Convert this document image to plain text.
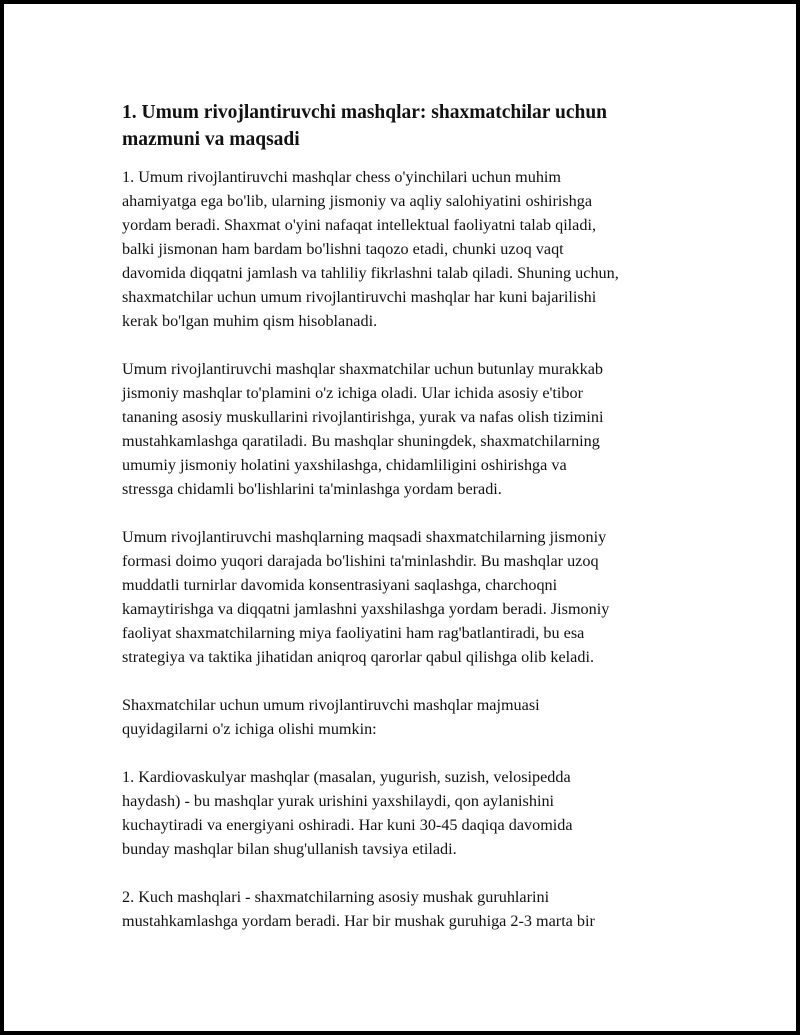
1. Umum rivojlantiruvchi mashqlar: shaxmatchilar uchun
mazmuni va maqsadi

1. Umum rivojlantiruvchi mashqlar chess o'yinchilari uchun muhim
ahamiyatga ega bo'lib, ularning jismoniy va aqliy salohiyatini oshirishga
yordam beradi. Shaxmat o'yini nafaqat intellektual faoliyatni talab qiladi,
balki jismonan ham bardam bo'lishni taqozo etadi, chunki uzoq vaqt
davomida diqqatni jamlash va tahliliy fikrlashni talab qiladi. Shuning uchun,
shaxmatchilar uchun umum rivojlantiruvchi mashqlar har kuni bajarilishi
kerak bo'lgan muhim qism hisoblanadi.

Umum rivojlantiruvchi mashqlar shaxmatchilar uchun butunlay murakkab
jismoniy mashqlar to'plamini o'z ichiga oladi. Ular ichida asosiy e'tibor
tananing asosiy muskullarini rivojlantirishga, yurak va nafas olish tizimini
mustahkamlashga qaratiladi. Bu mashqlar shuningdek, shaxmatchilarning
umumiy jismoniy holatini yaxshilashga, chidamliligini oshirishga va
stressga chidamli bo'lishlarini ta'minlashga yordam beradi.

Umum rivojlantiruvchi mashqlarning maqsadi shaxmatchilarning jismoniy
formasi doimo yuqori darajada bo'lishini ta'minlashdir. Bu mashqlar uzoq
muddatli turnirlar davomida konsentrasiyani saqlashga, charchoqni
kamaytirishga va diqqatni jamlashni yaxshilashga yordam beradi. Jismoniy
faoliyat shaxmatchilarning miya faoliyatini ham rag'batlantiradi, bu esa
strategiya va taktika jihatidan aniqroq qarorlar qabul qilishga olib keladi.

Shaxmatchilar uchun umum rivojlantiruvchi mashqlar majmuasi
quyidagilarni o'z ichiga olishi mumkin:

1. Kardiovaskulyar mashqlar (masalan, yugurish, suzish, velosipedda
haydash) - bu mashqlar yurak urishini yaxshilaydi, qon aylanishini
kuchaytiradi va energiyani oshiradi. Har kuni 30-45 daqiqa davomida
bunday mashqlar bilan shug'ullanish tavsiya etiladi.

2. Kuch mashqlari - shaxmatchilarning asosiy mushak guruhlarini
mustahkamlashga yordam beradi. Har bir mushak guruhiga 2-3 marta bir
